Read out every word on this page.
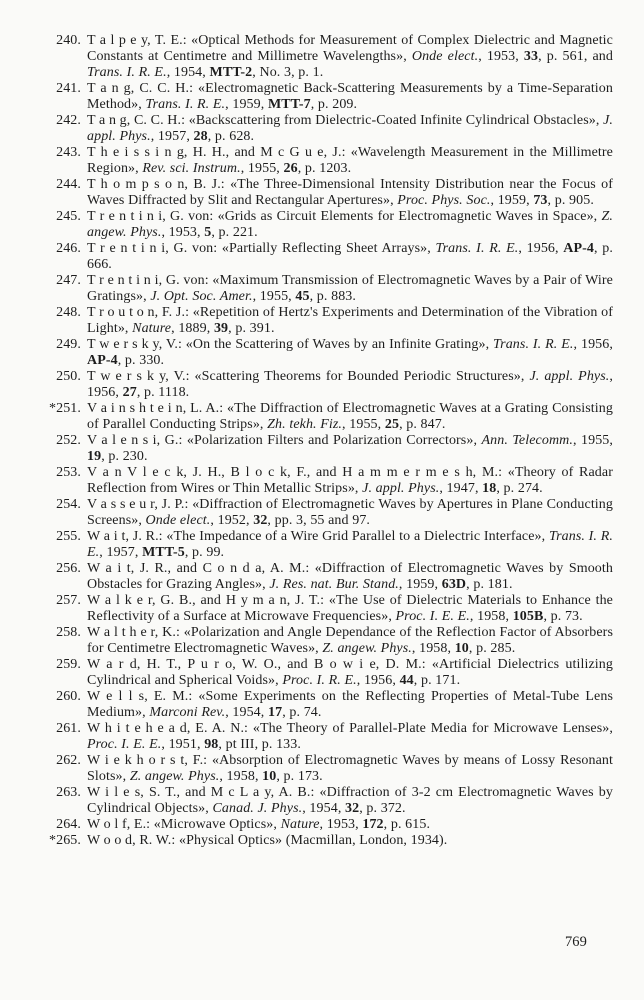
240. T a l p e y, T. E.: «Optical Methods for Measurement of Complex Dielectric and Magnetic Constants at Centimetre and Millimetre Wavelengths», Onde elect., 1953, 33, p. 561, and Trans. I. R. E., 1954, MTT-2, No. 3, p. 1.
241. T a n g, C. C. H.: «Electromagnetic Back-Scattering Measurements by a Time-Separation Method», Trans. I. R. E., 1959, MTT-7, p. 209.
242. T a n g, C. C. H.: «Backscattering from Dielectric-Coated Infinite Cylindrical Obstacles», J. appl. Phys., 1957, 28, p. 628.
243. T h e i s s i n g, H. H., and M c G u e, J.: «Wavelength Measurement in the Millimetre Region», Rev. sci. Instrum., 1955, 26, p. 1203.
244. T h o m p s o n, B. J.: «The Three-Dimensional Intensity Distribution near the Focus of Waves Diffracted by Slit and Rectangular Apertures», Proc. Phys. Soc., 1959, 73, p. 905.
245. T r e n t i n i, G. von: «Grids as Circuit Elements for Electromagnetic Waves in Space», Z. angew. Phys., 1953, 5, p. 221.
246. T r e n t i n i, G. von: «Partially Reflecting Sheet Arrays», Trans. I. R. E., 1956, AP-4, p. 666.
247. T r e n t i n i, G. von: «Maximum Transmission of Electromagnetic Waves by a Pair of Wire Gratings», J. Opt. Soc. Amer., 1955, 45, p. 883.
248. T r o u t o n, F. J.: «Repetition of Hertz's Experiments and Determination of the Vibration of Light», Nature, 1889, 39, p. 391.
249. T w e r s k y, V.: «On the Scattering of Waves by an Infinite Grating», Trans. I. R. E., 1956, AP-4, p. 330.
250. T w e r s k y, V.: «Scattering Theorems for Bounded Periodic Structures», J. appl. Phys., 1956, 27, p. 1118.
*251. V a i n s h t e i n, L. A.: «The Diffraction of Electromagnetic Waves at a Grating Consisting of Parallel Conducting Strips», Zh. tekh. Fiz., 1955, 25, p. 847.
252. V a l e n s i, G.: «Polarization Filters and Polarization Correctors», Ann. Telecomm., 1955, 19, p. 230.
253. V a n V l e c k, J. H., B l o c k, F., and H a m m e r m e s h, M.: «Theory of Radar Reflection from Wires or Thin Metallic Strips», J. appl. Phys., 1947, 18, p. 274.
254. V a s s e u r, J. P.: «Diffraction of Electromagnetic Waves by Apertures in Plane Conducting Screens», Onde elect., 1952, 32, pp. 3, 55 and 97.
255. W a i t, J. R.: «The Impedance of a Wire Grid Parallel to a Dielectric Interface», Trans. I. R. E., 1957, MTT-5, p. 99.
256. W a i t, J. R., and C o n d a, A. M.: «Diffraction of Electromagnetic Waves by Smooth Obstacles for Grazing Angles», J. Res. nat. Bur. Stand., 1959, 63D, p. 181.
257. W a l k e r, G. B., and H y m a n, J. T.: «The Use of Dielectric Materials to Enhance the Reflectivity of a Surface at Microwave Frequencies», Proc. I. E. E., 1958, 105B, p. 73.
258. W a l t h e r, K.: «Polarization and Angle Dependance of the Reflection Factor of Absorbers for Centimetre Electromagnetic Waves», Z. angew. Phys., 1958, 10, p. 285.
259. W a r d, H. T., P u r o, W. O., and B o w i e, D. M.: «Artificial Dielectrics utilizing Cylindrical and Spherical Voids», Proc. I. R. E., 1956, 44, p. 171.
260. W e l l s, E. M.: «Some Experiments on the Reflecting Properties of Metal-Tube Lens Medium», Marconi Rev., 1954, 17, p. 74.
261. W h i t e h e a d, E. A. N.: «The Theory of Parallel-Plate Media for Microwave Lenses», Proc. I. E. E., 1951, 98, pt III, p. 133.
262. W i e k h o r s t, F.: «Absorption of Electromagnetic Waves by means of Lossy Resonant Slots», Z. angew. Phys., 1958, 10, p. 173.
263. W i l e s, S. T., and M c L a y, A. B.: «Diffraction of 3-2 cm Electromagnetic Waves by Cylindrical Objects», Canad. J. Phys., 1954, 32, p. 372.
264. W o l f, E.: «Microwave Optics», Nature, 1953, 172, p. 615.
*265. W o o d, R. W.: «Physical Optics» (Macmillan, London, 1934).
769
